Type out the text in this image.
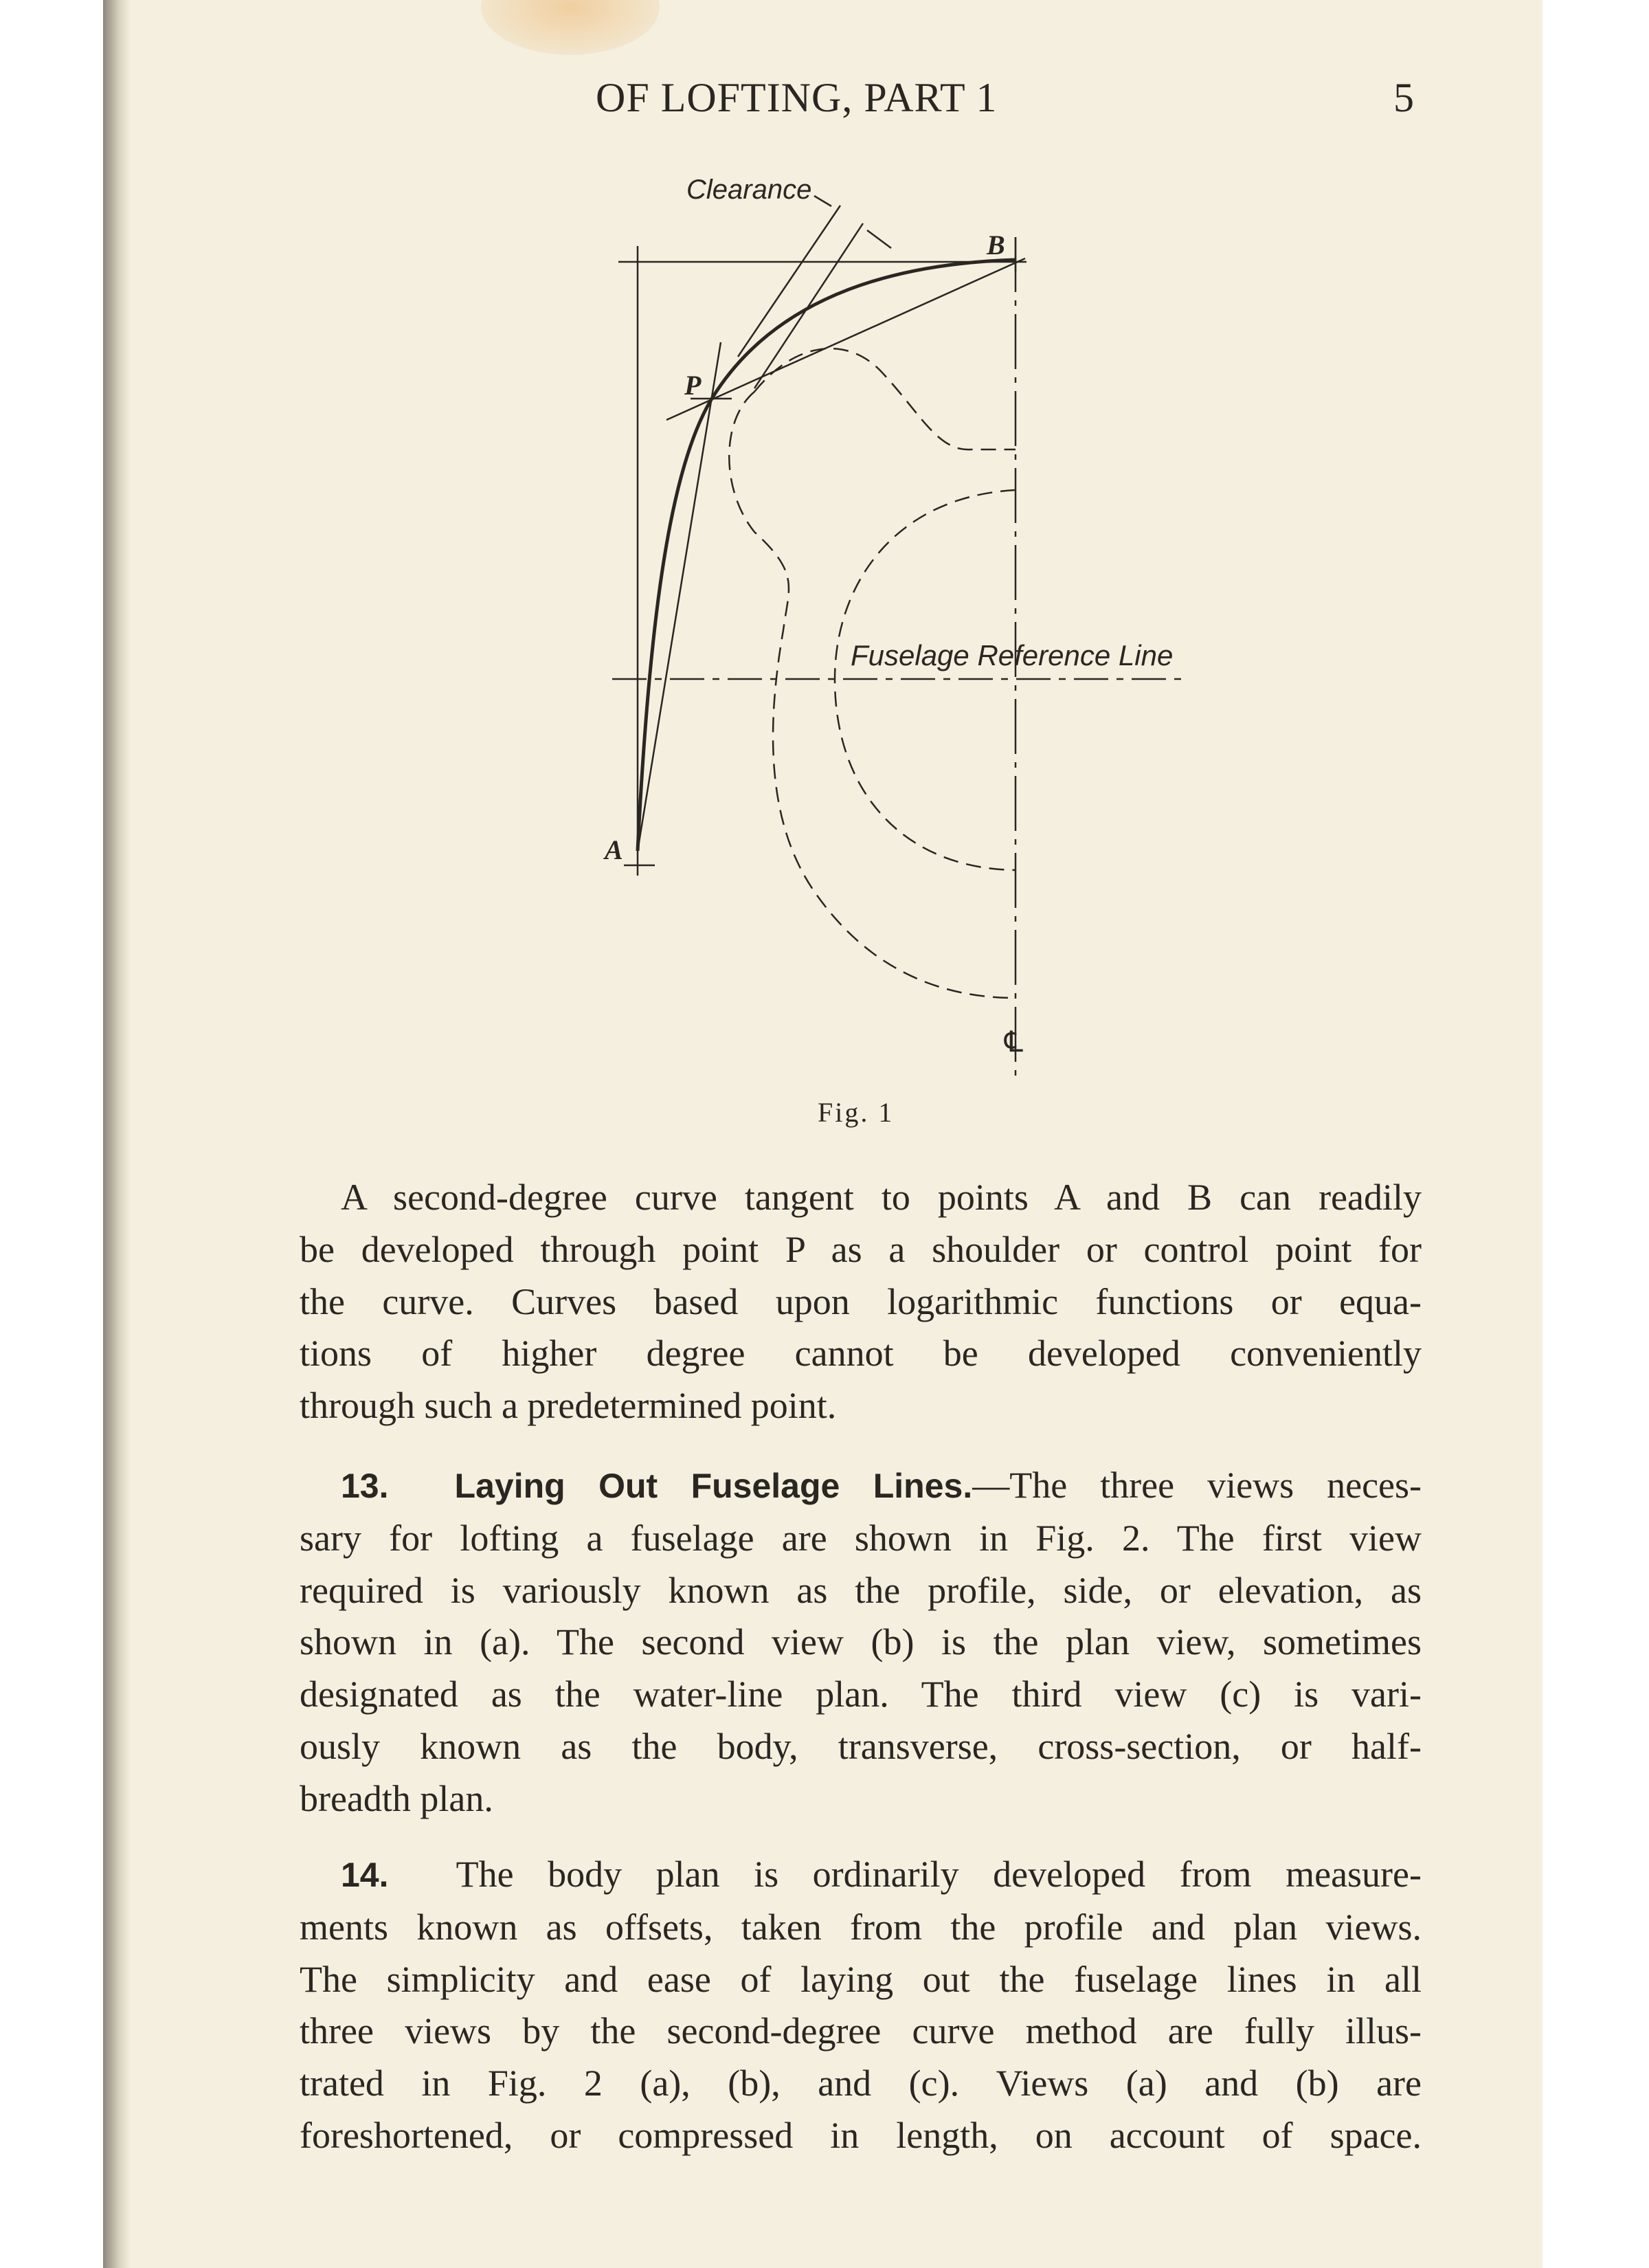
OF LOFTING, PART 1	5
Clearance
B
P
A
Fuselage Reference Line
℄
Fig. 1
A second-degree curve tangent to points A and B can readily
be developed through point P as a shoulder or control point for
the curve. Curves based upon logarithmic functions or equa-
tions of higher degree cannot be developed conveniently
through such a predetermined point.
13. Laying Out Fuselage Lines.—The three views neces-
sary for lofting a fuselage are shown in Fig. 2. The first view
required is variously known as the profile, side, or elevation, as
shown in (a). The second view (b) is the plan view, sometimes
designated as the water-line plan. The third view (c) is vari-
ously known as the body, transverse, cross-section, or half-
breadth plan.
14. The body plan is ordinarily developed from measure-
ments known as offsets, taken from the profile and plan views.
The simplicity and ease of laying out the fuselage lines in all
three views by the second-degree curve method are fully illus-
trated in Fig. 2 (a), (b), and (c). Views (a) and (b) are
foreshortened, or compressed in length, on account of space.
